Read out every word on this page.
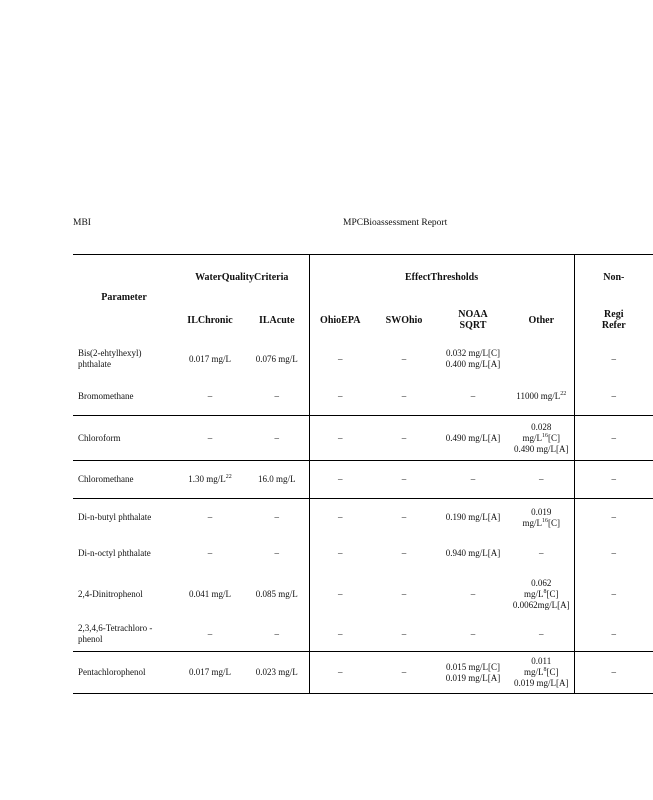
MBI	MPCBioassessment Report
Parameter	WaterQualityCriteria		EffectThresholds				Non-
	ILChronic	ILAcute	OhioEPA	SWOhio	NOAA
SQRT	Other	Regi
Refer

Bis(2-ehtylhexyl)
phthalate	0.017 mg/L	0.076 mg/L	–	–	0.032 mg/L[C]
0.400 mg/L[A]		–
Bromomethane	–	–	–	–	–	11000 $mg/L^{22}$	–
Chloroform	–	–	–	–	0.490 mg/L[A]	0.028
$mg/L^{16}[C]$
0.490 mg/L[A]	–
Chloromethane	1.30 $mg/L^{22}$	16.0 mg/L	–	–	–	–	–
Di-n-butyl phthalate	–	–	–	–	0.190 mg/L[A]	0.019
$mg/L^{16}[C]$	–
Di-n-octyl phthalate	–	–	–	–	0.940 mg/L[A]	–	–
2,4-Dinitrophenol	0.041 mg/L	0.085 mg/L	–	–	–	0.062
$mg/L^8[C]$
0.0062mg/L[A]	–

2,3,4,6-Tetrachloro -
phenol	–	–	–	–	–	–	–
Pentachlorophenol	0.017 mg/L	0.023 mg/L	–	–	0.015 mg/L[C]
0.019 mg/L[A]	0.011
$mg/L^8[C]$
0.019 mg/L[A]	–
